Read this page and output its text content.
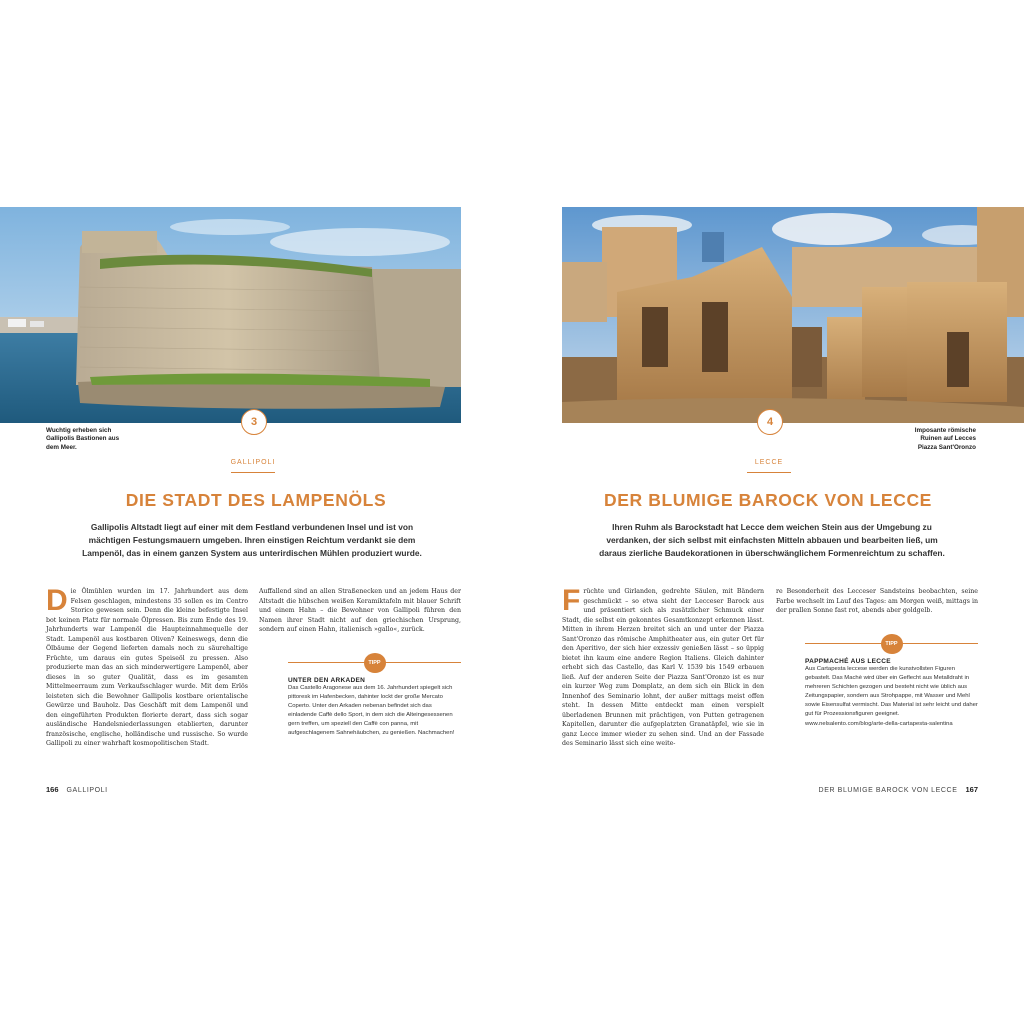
3
Wuchtig erheben sich Gallipolis Bastionen aus dem Meer.
GALLIPOLI
DIE STADT DES LAMPENÖLS
Gallipolis Altstadt liegt auf einer mit dem Festland verbundenen Insel und ist von mächtigen Festungsmauern umgeben. Ihren einstigen Reichtum verdankt sie dem Lampenöl, das in einem ganzen System aus unterirdischen Mühlen produziert wurde.
Die Ölmühlen wurden im 17. Jahrhundert aus dem Felsen geschlagen, mindestens 35 sollen es im Centro Storico gewesen sein. Denn die kleine befestigte Insel bot keinen Platz für normale Ölpressen. Bis zum Ende des 19. Jahrhunderts war Lampenöl die Haupteinnahmequelle der Stadt. Lampenöl aus kostbaren Oliven? Keineswegs, denn die Ölbäume der Gegend lieferten damals noch zu säurehaltige Früchte, um daraus ein gutes Speiseöl zu pressen. Also produzierte man das an sich minderwertigere Lampenöl, aber dieses in so guter Qualität, dass es im gesamten Mittelmeerraum zum Verkaufsschlager wurde. Mit dem Erlös leisteten sich die Bewohner Gallipolis kostbare orientalische Gewürze und Bauholz. Das Geschäft mit dem Lampenöl und den eingeführten Produkten florierte derart, dass sich sogar ausländische Handelsniederlassungen etablierten, darunter französische, englische, holländische und russische. So wurde Gallipoli zu einer wahrhaft kosmopolitischen Stadt.
Auffallend sind an allen Straßenecken und an jedem Haus der Altstadt die hübschen weißen Keramiktafeln mit blauer Schrift und einem Hahn – die Bewohner von Gallipoli führen den Namen ihrer Stadt nicht auf den griechischen Ursprung, sondern auf einen Hahn, italienisch »gallo«, zurück.
TIPP
UNTER DEN ARKADEN
Das Castello Aragonese aus dem 16. Jahrhundert spiegelt sich pittoresk im Hafenbecken, dahinter lockt der große Mercato Coperto. Unter den Arkaden nebenan befindet sich das einladende Caffè dello Sport, in dem sich die Alteingesessenen gern treffen, um speziell den Caffè con panna, mit aufgeschlagenem Sahnehäubchen, zu genießen. Nachmachen!
166 GALLIPOLI
4
Imposante römische Ruinen auf Lecces Piazza Sant'Oronzo
LECCE
DER BLUMIGE BAROCK VON LECCE
Ihren Ruhm als Barockstadt hat Lecce dem weichen Stein aus der Umgebung zu verdanken, der sich selbst mit einfachsten Mitteln abbauen und bearbeiten ließ, um daraus zierliche Baudekorationen in überschwänglichem Formenreichtum zu schaffen.
Früchte und Girlanden, gedrehte Säulen, mit Bändern geschmückt – so etwa sieht der Lecceser Barock aus und präsentiert sich als zusätzlicher Schmuck einer Stadt, die selbst ein gekonntes Gesamtkonzept erkennen lässt. Mitten in ihrem Herzen breitet sich an und unter der Piazza Sant'Oronzo das römische Amphitheater aus, ein guter Ort für den Aperitivo, der sich hier exzessiv genießen lässt – so üppig bietet ihn kaum eine andere Region Italiens. Gleich dahinter erhebt sich das Castello, das Karl V. 1539 bis 1549 erbauen ließ. Auf der anderen Seite der Piazza Sant'Oronzo ist es nur ein kurzer Weg zum Domplatz, an dem sich ein Blick in den Innenhof des Seminario lohnt, der außer mittags meist offen steht. In dessen Mitte entdeckt man einen verspielt überladenen Brunnen mit prächtigen, von Putten getragenen Kapitellen, darunter die aufgeplatzten Granatäpfel, wie sie in ganz Lecce immer wieder zu sehen sind. Und an der Fassade des Seminario lässt sich eine weite-
re Besonderheit des Lecceser Sandsteins beobachten, seine Farbe wechselt im Lauf des Tages: am Morgen weiß, mittags in der prallen Sonne fast rot, abends aber goldgelb.
TIPP
PAPPMACHÉ AUS LECCE
Aus Cartapesta leccese werden die kunstvollsten Figuren gebastelt. Das Machè wird über ein Geflecht aus Metalldraht in mehreren Schichten gezogen und besteht nicht wie üblich aus Zeitungspapier, sondern aus Strohpappe, mit Wasser und Mehl sowie Eisensulfat vermischt. Das Material ist sehr leicht und daher gut für Prozessionsfiguren geeignet. www.nelsalento.com/blog/arte-della-cartapesta-salentina
DER BLUMIGE BAROCK VON LECCE 167
